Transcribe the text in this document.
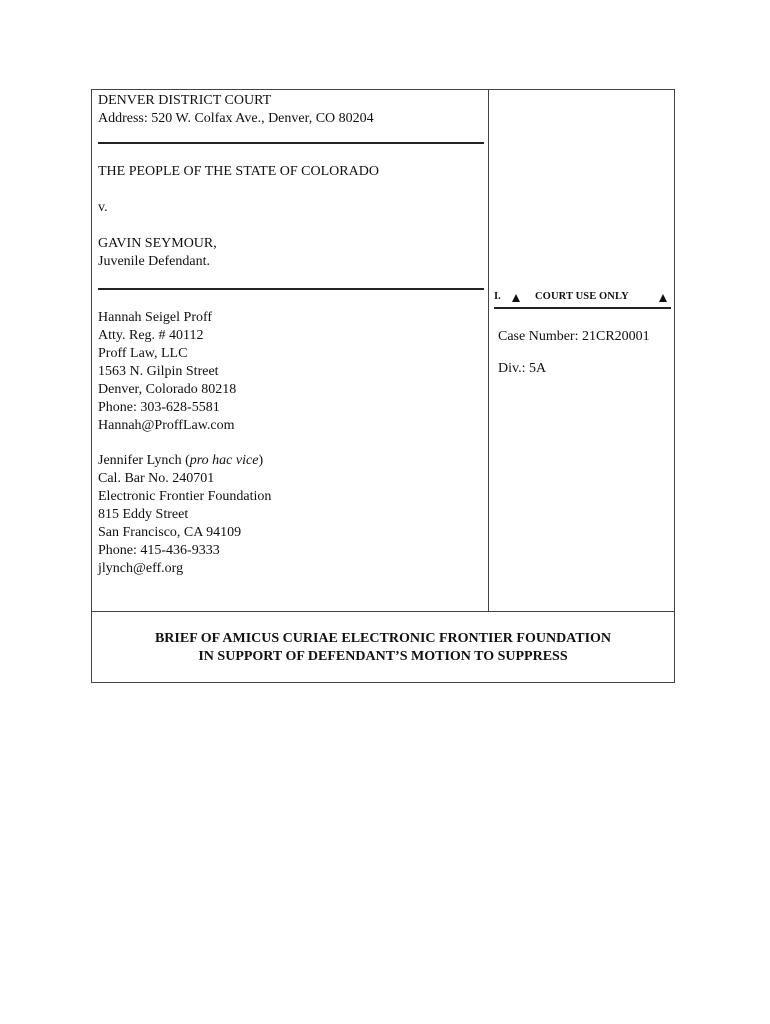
DENVER DISTRICT COURT
Address: 520 W. Colfax Ave., Denver, CO 80204
THE PEOPLE OF THE STATE OF COLORADO
v.
GAVIN SEYMOUR,
Juvenile Defendant.
Hannah Seigel Proff
Atty. Reg. # 40112
Proff Law, LLC
1563 N. Gilpin Street
Denver, Colorado 80218
Phone: 303-628-5581
Hannah@ProffLaw.com
Jennifer Lynch (pro hac vice)
Cal. Bar No. 240701
Electronic Frontier Foundation
815 Eddy Street
San Francisco, CA 94109
Phone: 415-436-9333
jlynch@eff.org
I.	COURT USE ONLY
Case Number: 21CR20001
Div.: 5A
BRIEF OF AMICUS CURIAE ELECTRONIC FRONTIER FOUNDATION
IN SUPPORT OF DEFENDANT’S MOTION TO SUPPRESS
